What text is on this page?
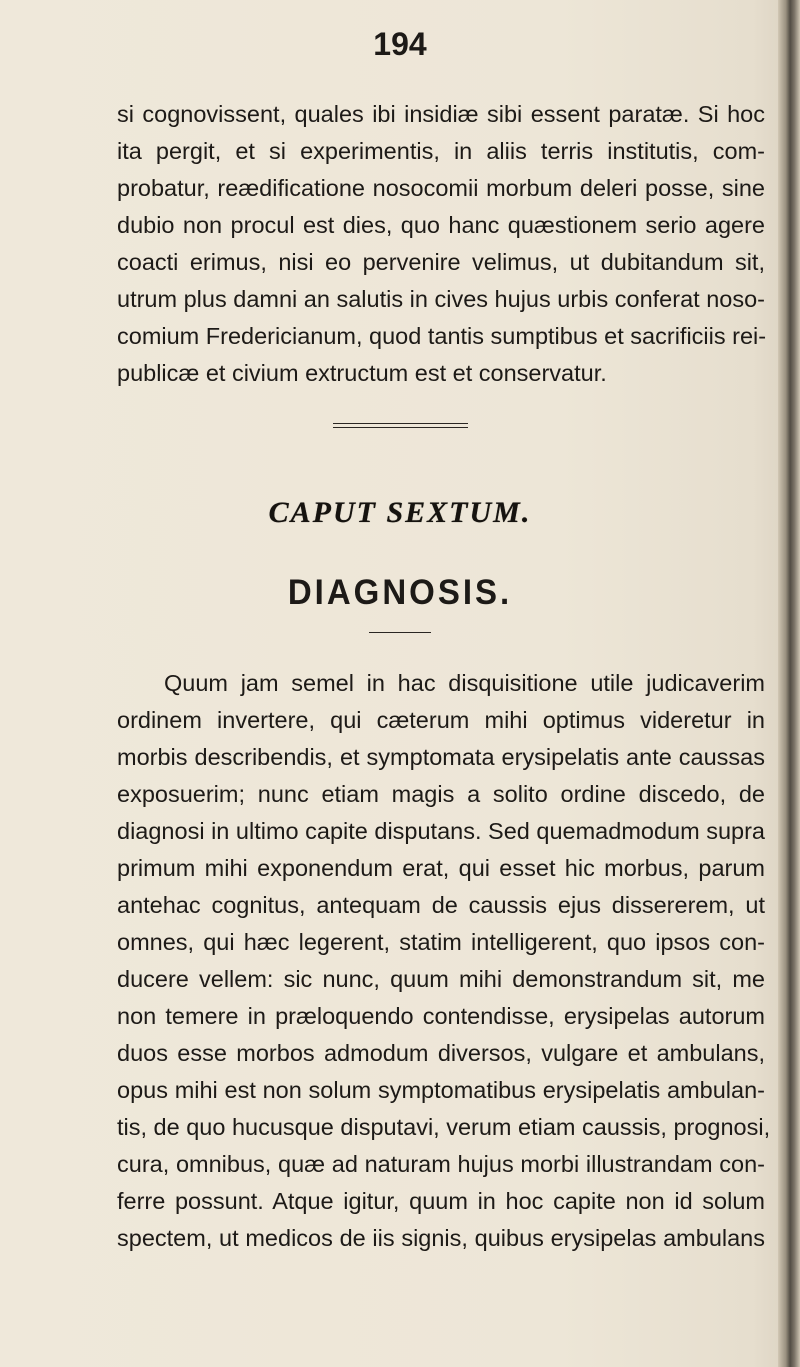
194
si cognovissent, quales ibi insidiæ sibi essent paratæ. Si hoc
ita pergit, et si experimentis, in aliis terris institutis, com-
probatur, reædificatione nosocomii morbum deleri posse, sine
dubio non procul est dies, quo hanc quæstionem serio agere
coacti erimus, nisi eo pervenire velimus, ut dubitandum sit,
utrum plus damni an salutis in cives hujus urbis conferat noso-
comium Fredericianum, quod tantis sumptibus et sacrificiis rei-
publicæ et civium extructum est et conservatur.
CAPUT SEXTUM.
DIAGNOSIS.
Quum jam semel in hac disquisitione utile judicaverim
ordinem invertere, qui cæterum mihi optimus videretur in
morbis describendis, et symptomata erysipelatis ante caussas
exposuerim; nunc etiam magis a solito ordine discedo, de
diagnosi in ultimo capite disputans. Sed quemadmodum supra
primum mihi exponendum erat, qui esset hic morbus, parum
antehac cognitus, antequam de caussis ejus dissererem, ut
omnes, qui hæc legerent, statim intelligerent, quo ipsos con-
ducere vellem: sic nunc, quum mihi demonstrandum sit, me
non temere in præloquendo contendisse, erysipelas autorum
duos esse morbos admodum diversos, vulgare et ambulans,
opus mihi est non solum symptomatibus erysipelatis ambulan-
tis, de quo hucusque disputavi, verum etiam caussis, prognosi,
cura, omnibus, quæ ad naturam hujus morbi illustrandam con-
ferre possunt. Atque igitur, quum in hoc capite non id solum
spectem, ut medicos de iis signis, quibus erysipelas ambulans
